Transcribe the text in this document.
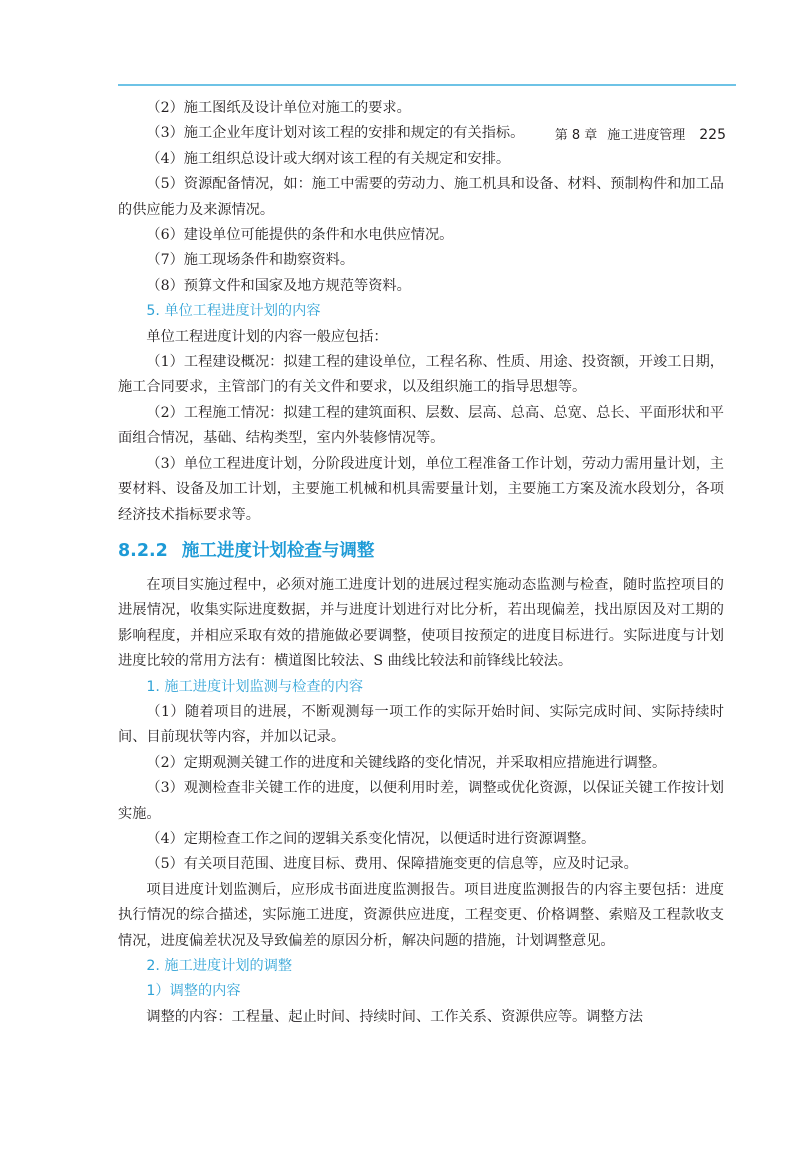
第 8 章 施工进度管理 225

（2）施工图纸及设计单位对施工的要求。

（3）施工企业年度计划对该工程的安排和规定的有关指标。

（4）施工组织总设计或大纲对该工程的有关规定和安排。

（5）资源配备情况，如：施工中需要的劳动力、施工机具和设备、材料、预制构件和加工品的供应能力及来源情况。

（6）建设单位可能提供的条件和水电供应情况。

（7）施工现场条件和勘察资料。

（8）预算文件和国家及地方规范等资料。

5. 单位工程进度计划的内容

单位工程进度计划的内容一般应包括：

（1）工程建设概况：拟建工程的建设单位，工程名称、性质、用途、投资额，开竣工日期，施工合同要求，主管部门的有关文件和要求，以及组织施工的指导思想等。

（2）工程施工情况：拟建工程的建筑面积、层数、层高、总高、总宽、总长、平面形状和平面组合情况，基础、结构类型，室内外装修情况等。

（3）单位工程进度计划，分阶段进度计划，单位工程准备工作计划，劳动力需用量计划，主要材料、设备及加工计划，主要施工机械和机具需要量计划，主要施工方案及流水段划分，各项经济技术指标要求等。

8.2.2 施工进度计划检查与调整

在项目实施过程中，必须对施工进度计划的进展过程实施动态监测与检查，随时监控项目的进展情况，收集实际进度数据，并与进度计划进行对比分析，若出现偏差，找出原因及对工期的影响程度，并相应采取有效的措施做必要调整，使项目按预定的进度目标进行。实际进度与计划进度比较的常用方法有：横道图比较法、S 曲线比较法和前锋线比较法。

1. 施工进度计划监测与检查的内容

（1）随着项目的进展，不断观测每一项工作的实际开始时间、实际完成时间、实际持续时间、目前现状等内容，并加以记录。

（2）定期观测关键工作的进度和关键线路的变化情况，并采取相应措施进行调整。

（3）观测检查非关键工作的进度，以便利用时差，调整或优化资源，以保证关键工作按计划实施。

（4）定期检查工作之间的逻辑关系变化情况，以便适时进行资源调整。

（5）有关项目范围、进度目标、费用、保障措施变更的信息等，应及时记录。

项目进度计划监测后，应形成书面进度监测报告。项目进度监测报告的内容主要包括：进度执行情况的综合描述，实际施工进度，资源供应进度，工程变更、价格调整、索赔及工程款收支情况，进度偏差状况及导致偏差的原因分析，解决问题的措施，计划调整意见。

2. 施工进度计划的调整

1）调整的内容

调整的内容：工程量、起止时间、持续时间、工作关系、资源供应等。调整方法
